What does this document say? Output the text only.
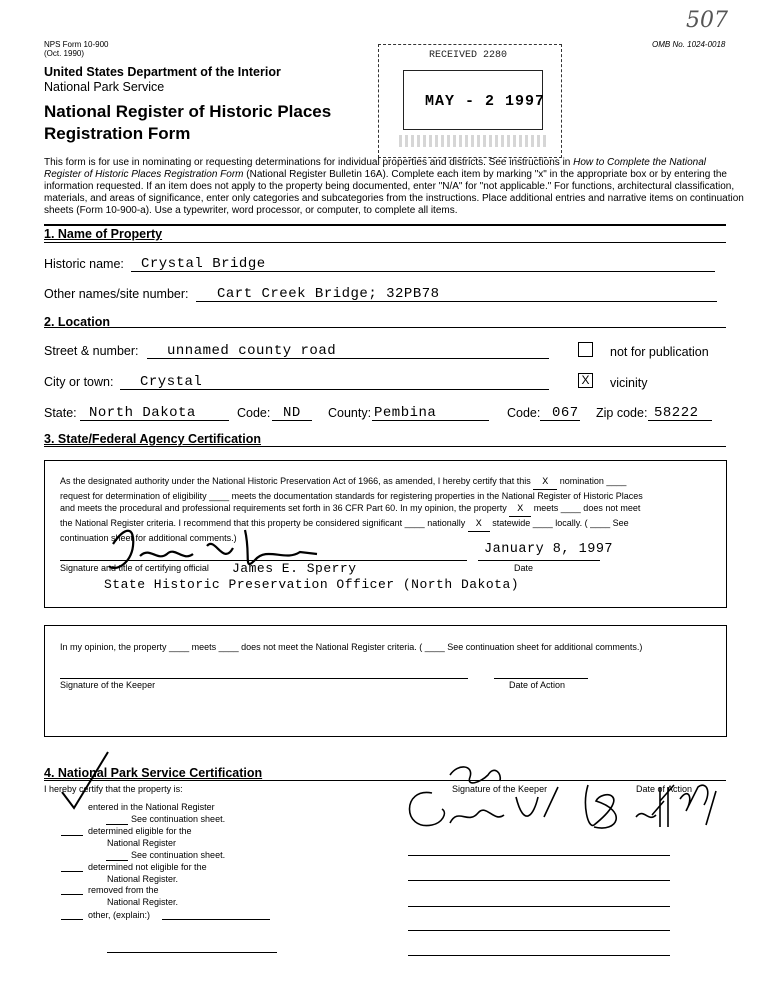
NPS Form 10-900
(Oct. 1990)
OMB No. 1024-0018
507
United States Department of the Interior
National Park Service
National Register of Historic Places
Registration Form
RECEIVED 2280
MAY - 2 1997
This form is for use in nominating or requesting determinations for individual properties and districts. See instructions in How to Complete the National
Register of Historic Places Registration Form (National Register Bulletin 16A). Complete each item by marking "x" in the appropriate box or by entering the
information requested. If an item does not apply to the property being documented, enter "N/A" for "not applicable." For functions, architectural classification,
materials, and areas of significance, enter only categories and subcategories from the instructions. Place additional entries and narrative items on continuation
sheets (Form 10-900-a). Use a typewriter, word processor, or computer, to complete all items.
1. Name of Property
Historic name: Crystal Bridge
Other names/site number: Cart Creek Bridge; 32PB78
2. Location
Street & number: unnamed county road	not for publication
City or town: Crystal	X vicinity
State: North Dakota	Code: ND County: Pembina	Code: 067 Zip code: 58222
3. State/Federal Agency Certification
As the designated authority under the National Historic Preservation Act of 1966, as amended, I hereby certify that this X nomination ____
request for determination of eligibility ____ meets the documentation standards for registering properties in the National Register of Historic Places
and meets the procedural and professional requirements set forth in 36 CFR Part 60. In my opinion, the property X meets ____ does not meet
the National Register criteria. I recommend that this property be considered significant ____ nationally X statewide ____ locally. ( ____ See
continuation sheet for additional comments.)
January 8, 1997
Signature and title of certifying official James E. Sperry	Date
State Historic Preservation Officer (North Dakota)
In my opinion, the property ____ meets ____ does not meet the National Register criteria. ( ____ See continuation sheet for additional comments.)
Signature of the Keeper	Date of Action
4. National Park Service Certification
I hereby certify that the property is:	Signature of the Keeper	Date of Action
entered in the National Register
See continuation sheet.
determined eligible for the
National Register
See continuation sheet.
determined not eligible for the
National Register.
removed from the
National Register.
other, (explain:)
